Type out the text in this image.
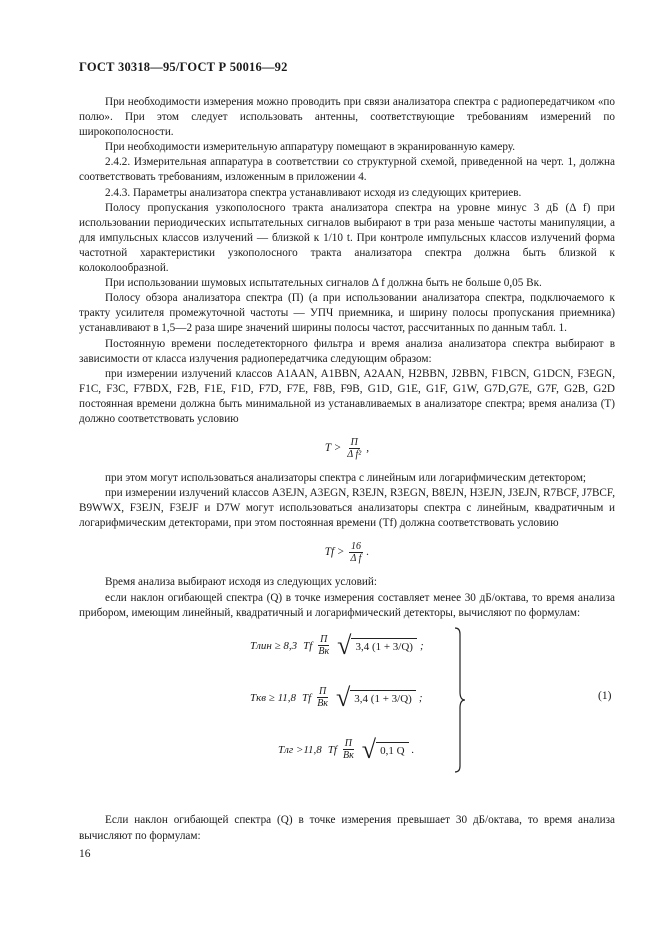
ГОСТ 30318—95/ГОСТ Р 50016—92

При необходимости измерения можно проводить при связи анализатора спектра с радиопередатчиком «по полю». При этом следует использовать антенны, соответствующие требованиям измерений по широкополосности.

При необходимости измерительную аппаратуру помещают в экранированную камеру.

2.4.2. Измерительная аппаратура в соответствии со структурной схемой, приведенной на черт. 1, должна соответствовать требованиям, изложенным в приложении 4.

2.4.3. Параметры анализатора спектра устанавливают исходя из следующих критериев.

Полосу пропускания узкополосного тракта анализатора спектра на уровне минус 3 дБ (Δ f) при использовании периодических испытательных сигналов выбирают в три раза меньше частоты манипуляции, а для импульсных классов излучений — близкой к 1/10 t. При контроле импульсных классов излучений форма частотной характеристики узкополосного тракта анализатора спектра должна быть близкой к колоколообразной.

При использовании шумовых испытательных сигналов Δ f должна быть не больше 0,05 Bк.

Полосу обзора анализатора спектра (П) (а при использовании анализатора спектра, подключаемого к тракту усилителя промежуточной частоты — УПЧ приемника, и ширину полосы пропускания приемника) устанавливают в 1,5—2 раза шире значений ширины полосы частот, рассчитанных по данным табл. 1.

Постоянную времени последетекторного фильтра и время анализа анализатора спектра выбирают в зависимости от класса излучения радиопередатчика следующим образом:

при измерении излучений классов A1AAN, A1BBN, A2AAN, H2BBN, J2BBN, F1BCN, G1DCN, F3EGN, F1C, F3C, F7BDX, F2B, F1E, F1D, F7D, F7E, F8B, F9B, G1D, G1E, G1F, G1W, G7D,G7E, G7F, G2B, G2D постоянная времени должна быть минимальной из устанавливаемых в анализаторе спектра; время анализа (T) должно соответствовать условию

$T > \frac{П}{\text{Δ f²}}$ ,

при этом могут использоваться анализаторы спектра с линейным или логарифмическим детектором;

при измерении излучений классов A3EJN, A3EGN, R3EJN, R3EGN, B8EJN, H3EJN, J3EJN, R7BCF, J7BCF, B9WWX, F3EJN, F3EJF и D7W могут использоваться анализаторы спектра с линейным, квадратичным и логарифмическим детекторами, при этом постоянная времени (Tf) должна соответствовать условию

$Tf > \frac{16}{\text{Δ f}}$ .

Время анализа выбирают исходя из следующих условий:

если наклон огибающей спектра (Q) в точке измерения составляет менее 30 дБ/октава, то время анализа прибором, имеющим линейный, квадратичный и логарифмический детекторы, вычисляют по формулам:

Tлин ≥ 8,3 Tf $\frac{П}{Bк}$ √ 3,4 (1 + 3/Q) ;
Tкв ≥ 11,8 Tf $\frac{П}{Bк}$ √ 3,4 (1 + 3/Q) ;
Tлг >11,8 Tf $\frac{П}{Bк}$ √ 0,1 Q .
(1)

Если наклон огибающей спектра (Q) в точке измерения превышает 30 дБ/октава, то время анализа вычисляют по формулам:

16
